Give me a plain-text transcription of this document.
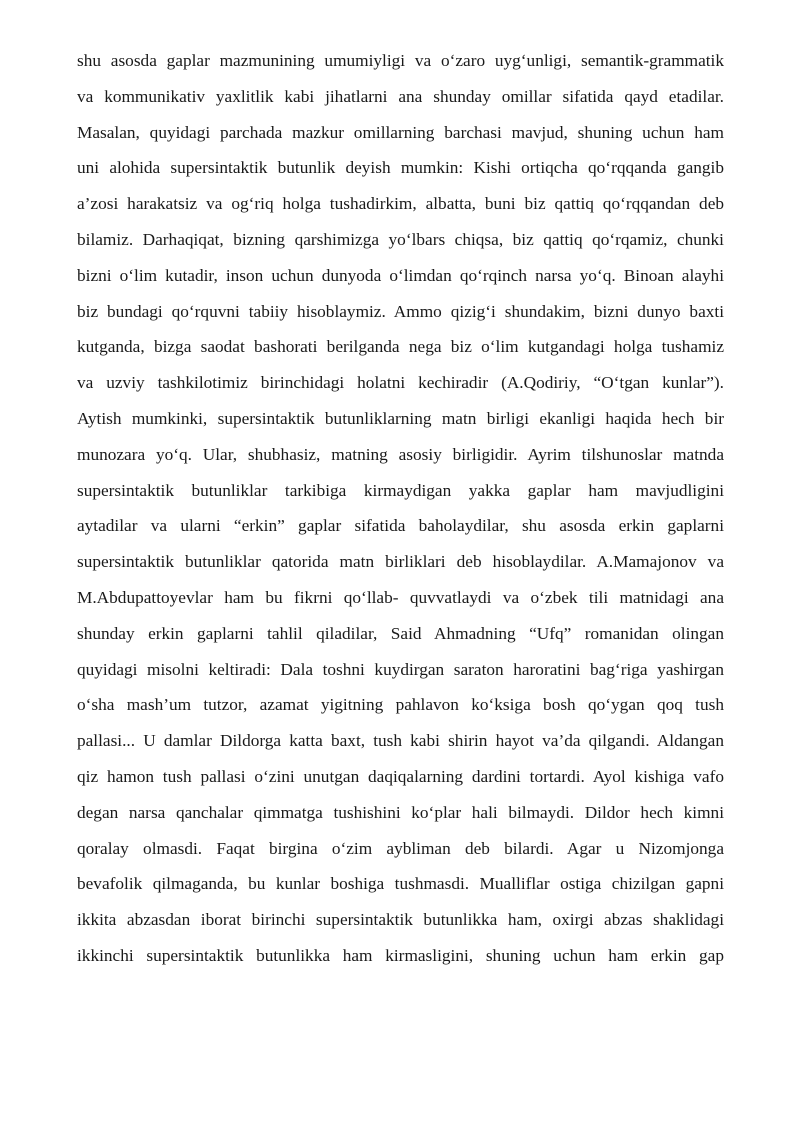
shu asosda gaplar mazmunining umumiyligi va o‘zaro uyg‘unligi, semantik-grammatik
va kommunikativ yaxlitlik kabi jihatlarni ana shunday omillar sifatida qayd etadilar.
Masalan, quyidagi parchada mazkur omillarning barchasi mavjud, shuning uchun ham
uni alohida supersintaktik butunlik deyish mumkin: Kishi ortiqcha qo‘rqqanda gangib
a’zosi harakatsiz va og‘riq holga tushadirkim, albatta, buni biz qattiq qo‘rqqandan deb
bilamiz. Darhaqiqat, bizning qarshimizga yo‘lbars chiqsa, biz qattiq qo‘rqamiz, chunki
bizni o‘lim kutadir, inson uchun dunyoda o‘limdan qo‘rqinch narsa yo‘q. Binoan alayhi
biz bundagi qo‘rquvni tabiiy hisoblaymiz. Ammo qizig‘i shundakim, bizni dunyo baxti
kutganda, bizga saodat bashorati berilganda nega biz o‘lim kutgandagi holga tushamiz
va uzviy tashkilotimiz birinchidagi holatni kechiradir (A.Qodiriy, “O‘tgan kunlar”).
Aytish mumkinki, supersintaktik butunliklarning matn birligi ekanligi haqida hech bir
munozara yo‘q. Ular, shubhasiz, matning asosiy birligidir. Ayrim tilshunoslar matnda
supersintaktik butunliklar tarkibiga kirmaydigan yakka gaplar ham mavjudligini
aytadilar va ularni “erkin” gaplar sifatida baholaydilar, shu asosda erkin gaplarni
supersintaktik butunliklar qatorida matn birliklari deb hisoblaydilar. A.Mamajonov va
M.Abdupattoyevlar ham bu fikrni qo‘llab- quvvatlaydi va o‘zbek tili matnidagi ana
shunday erkin gaplarni tahlil qiladilar, Said Ahmadning “Ufq” romanidan olingan
quyidagi misolni keltiradi: Dala toshni kuydirgan saraton haroratini bag‘riga yashirgan
o‘sha mash’um tutzor, azamat yigitning pahlavon ko‘ksiga bosh qo‘ygan qoq tush
pallasi... U damlar Dildorga katta baxt, tush kabi shirin hayot va’da qilgandi. Aldangan
qiz hamon tush pallasi o‘zini unutgan daqiqalarning dardini tortardi. Ayol kishiga vafo
degan narsa qanchalar qimmatga tushishini ko‘plar hali bilmaydi. Dildor hech kimni
qoralay olmasdi. Faqat birgina o‘zim aybliman deb bilardi. Agar u Nizomjonga
bevafolik qilmaganda, bu kunlar boshiga tushmasdi. Mualliflar ostiga chizilgan gapni
ikkita abzasdan iborat birinchi supersintaktik butunlikka ham, oxirgi abzas shaklidagi
ikkinchi supersintaktik butunlikka ham kirmasligini, shuning uchun ham erkin gap
